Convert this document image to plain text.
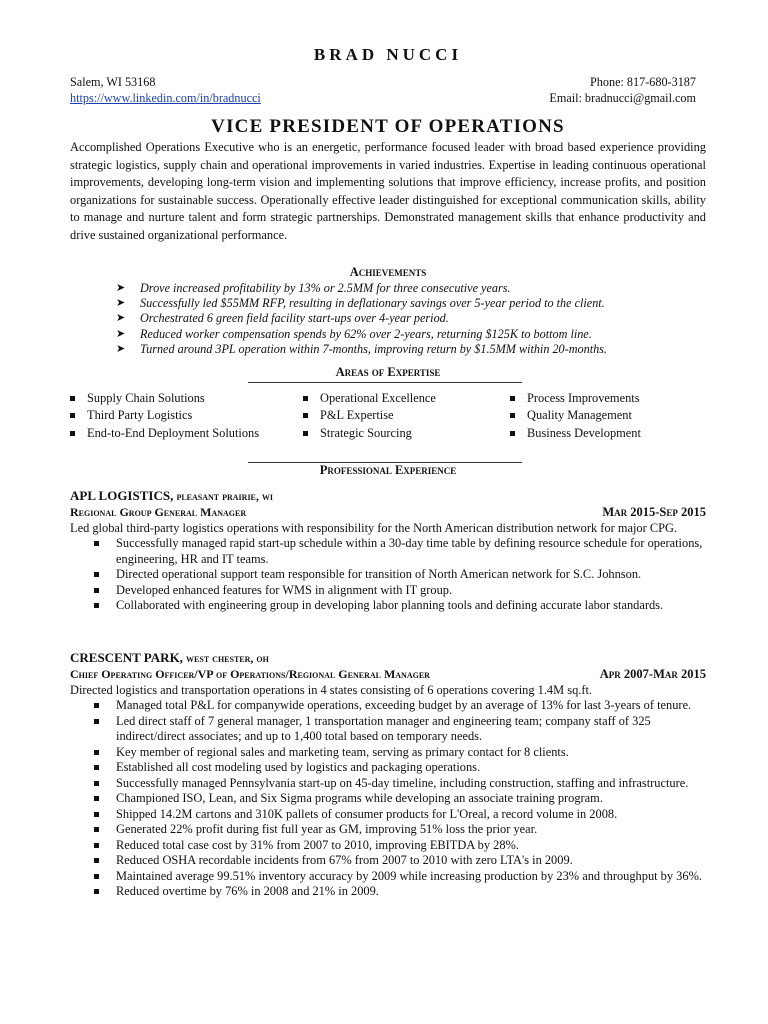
BRAD NUCCI
Salem, WI 53168
https://www.linkedin.com/in/bradnucci
Phone: 817-680-3187
Email: bradnucci@gmail.com
VICE PRESIDENT OF OPERATIONS
Accomplished Operations Executive who is an energetic, performance focused leader with broad based experience providing strategic logistics, supply chain and operational improvements in varied industries. Expertise in leading continuous operational improvements, developing long-term vision and implementing solutions that improve efficiency, increase profits, and position organizations for sustainable success. Operationally effective leader distinguished for exceptional communication skills, ability to manage and nurture talent and form strategic partnerships. Demonstrated management skills that enhance productivity and drive sustained organizational performance.
Achievements
➤ Drove increased profitability by 13% or 2.5MM for three consecutive years.
➤ Successfully led $55MM RFP, resulting in deflationary savings over 5-year period to the client.
➤ Orchestrated 6 green field facility start-ups over 4-year period.
➤ Reduced worker compensation spends by 62% over 2-years, returning $125K to bottom line.
➤ Turned around 3PL operation within 7-months, improving return by $1.5MM within 20-months.
Areas of Expertise
Supply Chain Solutions
Third Party Logistics
End-to-End Deployment Solutions
Operational Excellence
P&L Expertise
Strategic Sourcing
Process Improvements
Quality Management
Business Development
Professional Experience
APL LOGISTICS, pleasant prairie, wi
Regional Group General Manager	Mar 2015-Sep 2015
Led global third-party logistics operations with responsibility for the North American distribution network for major CPG.
Successfully managed rapid start-up schedule within a 30-day time table by defining resource schedule for operations, engineering, HR and IT teams.
Directed operational support team responsible for transition of North American network for S.C. Johnson.
Developed enhanced features for WMS in alignment with IT group.
Collaborated with engineering group in developing labor planning tools and defining accurate labor standards.
CRESCENT PARK, west chester, oh
Chief Operating Officer/VP of Operations/Regional General Manager	Apr 2007-Mar 2015
Directed logistics and transportation operations in 4 states consisting of 6 operations covering 1.4M sq.ft.
Managed total P&L for companywide operations, exceeding budget by an average of 13% for last 3-years of tenure.
Led direct staff of 7 general manager, 1 transportation manager and engineering team; company staff of 325 indirect/direct associates; and up to 1,400 total based on temporary needs.
Key member of regional sales and marketing team, serving as primary contact for 8 clients.
Established all cost modeling used by logistics and packaging operations.
Successfully managed Pennsylvania start-up on 45-day timeline, including construction, staffing and infrastructure.
Championed ISO, Lean, and Six Sigma programs while developing an associate training program.
Shipped 14.2M cartons and 310K pallets of consumer products for L'Oreal, a record volume in 2008.
Generated 22% profit during fist full year as GM, improving 51% loss the prior year.
Reduced total case cost by 31% from 2007 to 2010, improving EBITDA by 28%.
Reduced OSHA recordable incidents from 67% from 2007 to 2010 with zero LTA's in 2009.
Maintained average 99.51% inventory accuracy by 2009 while increasing production by 23% and throughput by 36%.
Reduced overtime by 76% in 2008 and 21% in 2009.
